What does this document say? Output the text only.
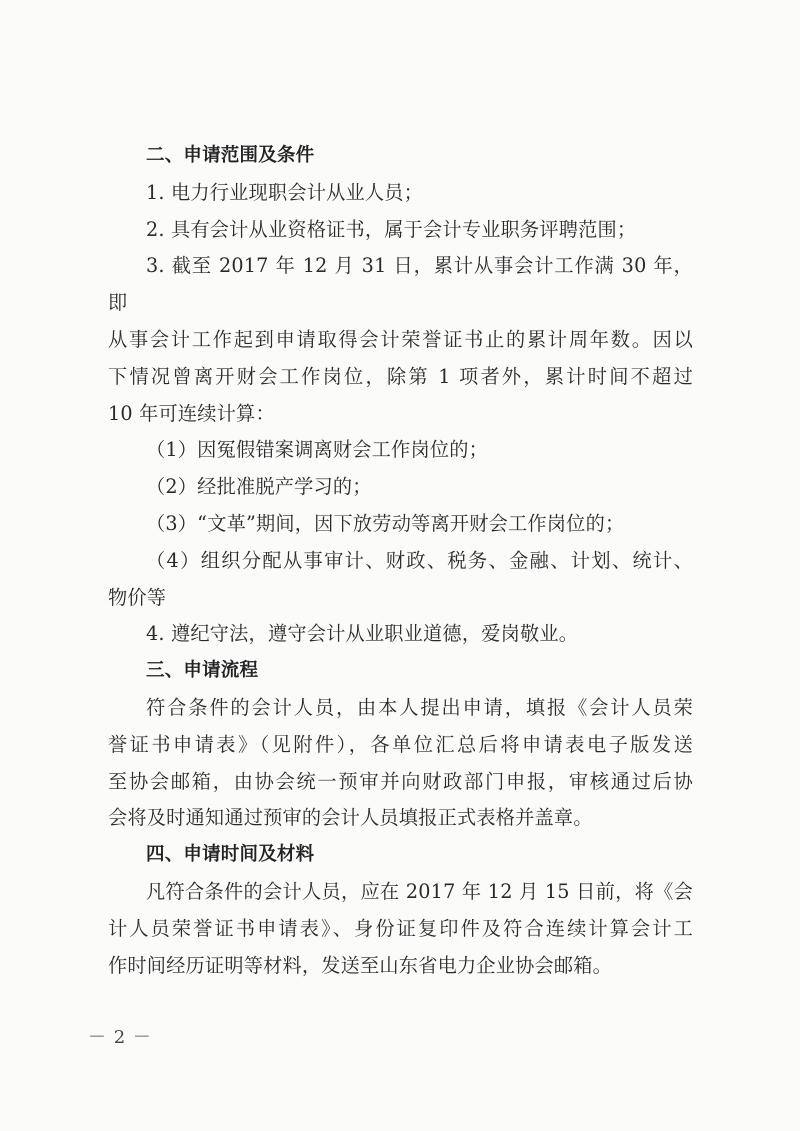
二、申请范围及条件

1. 电力行业现职会计从业人员；

2. 具有会计从业资格证书，属于会计专业职务评聘范围；

3. 截至 2017 年 12 月 31 日，累计从事会计工作满 30 年，即

从事会计工作起到申请取得会计荣誉证书止的累计周年数。因以

下情况曾离开财会工作岗位，除第 1 项者外，累计时间不超过

10 年可连续计算：

（1）因冤假错案调离财会工作岗位的；

（2）经批准脱产学习的；

（3）“文革”期间，因下放劳动等离开财会工作岗位的；

（4）组织分配从事审计、财政、税务、金融、计划、统计、

物价等

4. 遵纪守法，遵守会计从业职业道德，爱岗敬业。

三、申请流程

符合条件的会计人员，由本人提出申请，填报《会计人员荣

誉证书申请表》（见附件），各单位汇总后将申请表电子版发送

至协会邮箱，由协会统一预审并向财政部门申报，审核通过后协

会将及时通知通过预审的会计人员填报正式表格并盖章。

四、申请时间及材料

凡符合条件的会计人员，应在 2017 年 12 月 15 日前，将《会

计人员荣誉证书申请表》、身份证复印件及符合连续计算会计工

作时间经历证明等材料，发送至山东省电力企业协会邮箱。

－ 2 －
